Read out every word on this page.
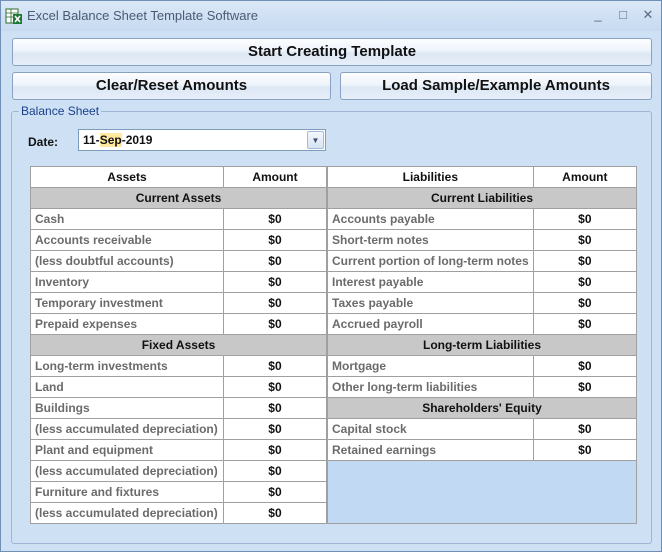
Excel Balance Sheet Template Software	_	□	✕
Start Creating Template
Clear/Reset Amounts	Load Sample/Example Amounts
Balance Sheet
Date:	11-Sep-2019	▼
Assets	Amount
Current Assets	
Cash	$0
Accounts receivable	$0
(less doubtful accounts)	$0
Inventory	$0
Temporary investment	$0
Prepaid expenses	$0
Fixed Assets	
Long-term investments	$0
Land	$0
Buildings	$0
(less accumulated depreciation)	$0
Plant and equipment	$0
(less accumulated depreciation)	$0
Furniture and fixtures	$0
(less accumulated depreciation)	$0
Liabilities	Amount
Current Liabilities	
Accounts payable	$0
Short-term notes	$0
Current portion of long-term notes	$0
Interest payable	$0
Taxes payable	$0
Accrued payroll	$0
Long-term Liabilities	
Mortgage	$0
Other long-term liabilities	$0
Shareholders' Equity	
Capital stock	$0
Retained earnings	$0
